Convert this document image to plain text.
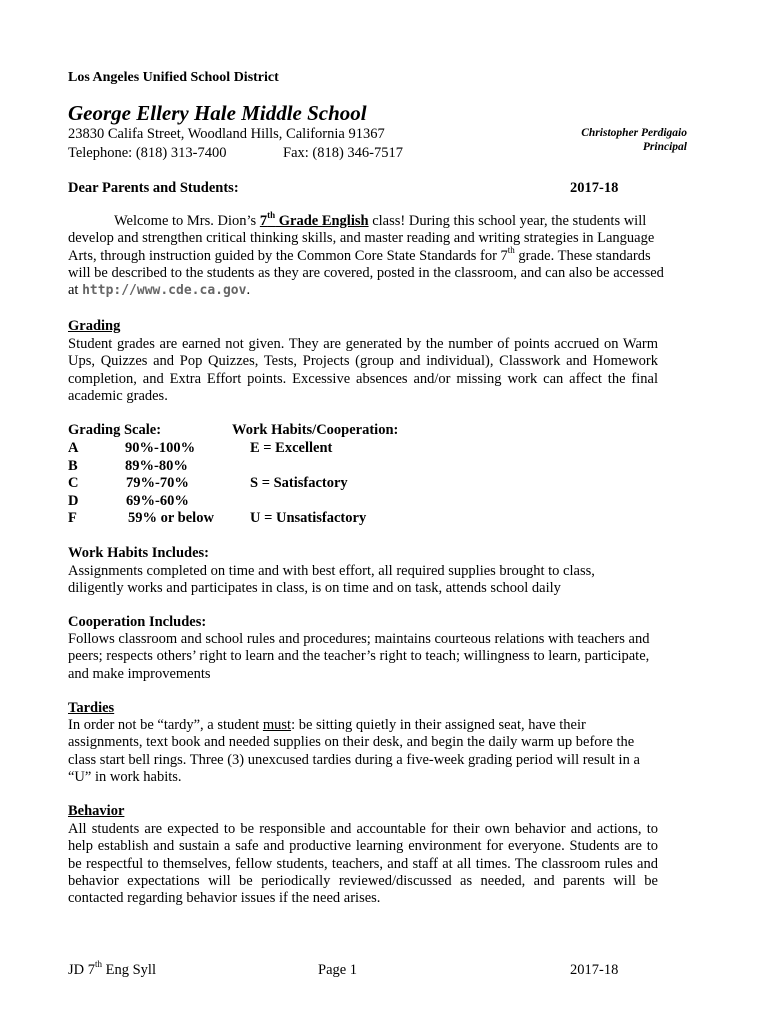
Los Angeles Unified School District
George Ellery Hale Middle School
23830 Califa Street, Woodland Hills, California 91367
Telephone: (818) 313-7400	Fax: (818) 346-7517
Christopher Perdigaio
Principal
Dear Parents and Students:	2017-18
Welcome to Mrs. Dion’s 7th Grade English class! During this school year, the students will develop and strengthen critical thinking skills, and master reading and writing strategies in Language Arts, through instruction guided by the Common Core State Standards for 7th grade. These standards will be described to the students as they are covered, posted in the classroom, and can also be accessed at http://www.cde.ca.gov.
Grading
Student grades are earned not given. They are generated by the number of points accrued on Warm Ups, Quizzes and Pop Quizzes, Tests, Projects (group and individual), Classwork and Homework completion, and Extra Effort points. Excessive absences and/or missing work can affect the final academic grades.
Grading Scale:	Work Habits/Cooperation:
A	90%-100%	E = Excellent
B	89%-80%
C	79%-70%	S = Satisfactory
D	69%-60%
F	59% or below U = Unsatisfactory
Work Habits Includes:
Assignments completed on time and with best effort, all required supplies brought to class, diligently works and participates in class, is on time and on task, attends school daily
Cooperation Includes:
Follows classroom and school rules and procedures; maintains courteous relations with teachers and peers; respects others’ right to learn and the teacher’s right to teach; willingness to learn, participate, and make improvements
Tardies
In order not be “tardy”, a student must: be sitting quietly in their assigned seat, have their assignments, text book and needed supplies on their desk, and begin the daily warm up before the class start bell rings. Three (3) unexcused tardies during a five-week grading period will result in a “U” in work habits.
Behavior
All students are expected to be responsible and accountable for their own behavior and actions, to help establish and sustain a safe and productive learning environment for everyone. Students are to be respectful to themselves, fellow students, teachers, and staff at all times. The classroom rules and behavior expectations will be periodically reviewed/discussed as needed, and parents will be contacted regarding behavior issues if the need arises.
JD 7th Eng Syll	Page 1	2017-18
